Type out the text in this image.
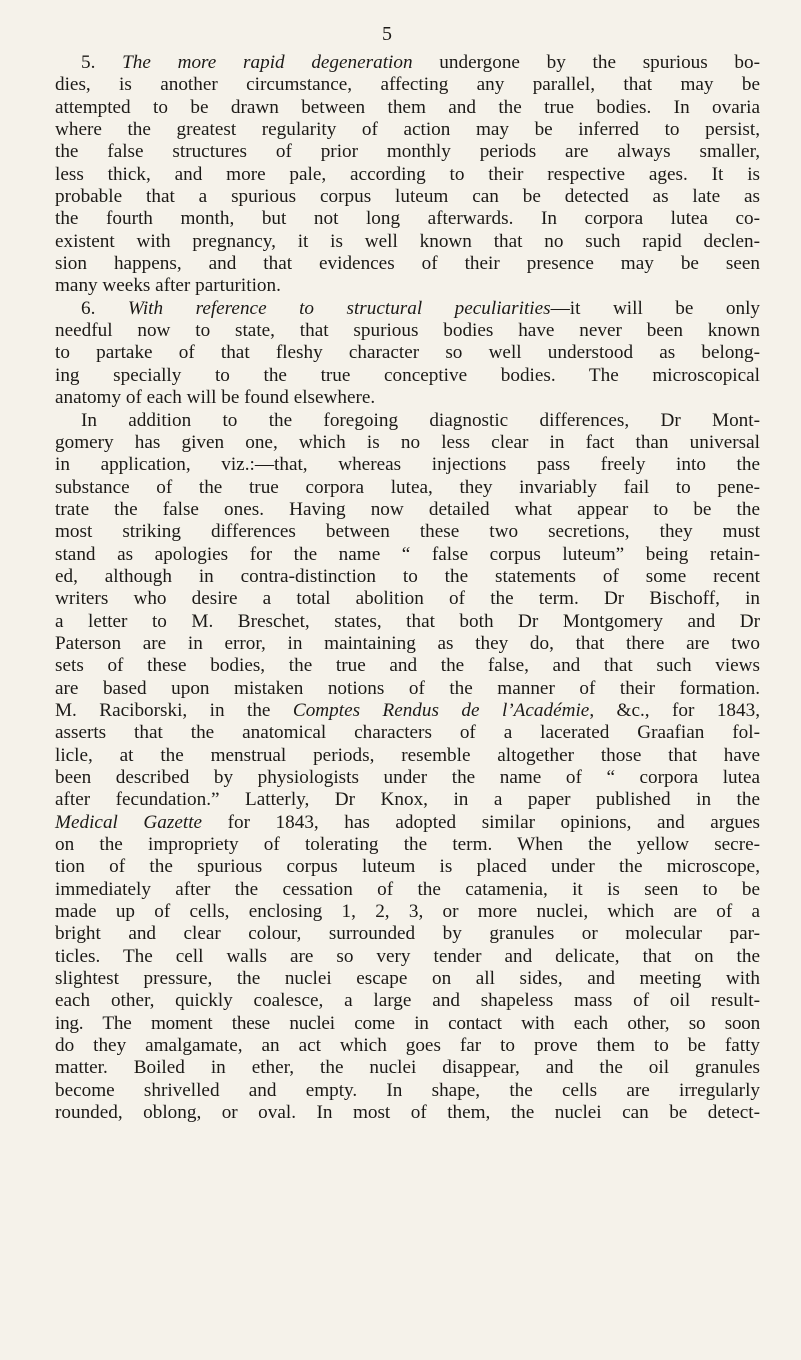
5
5. The more rapid degeneration undergone by the spurious bo-
dies, is another circumstance, affecting any parallel, that may be
attempted to be drawn between them and the true bodies. In ovaria
where the greatest regularity of action may be inferred to persist,
the false structures of prior monthly periods are always smaller,
less thick, and more pale, according to their respective ages. It is
probable that a spurious corpus luteum can be detected as late as
the fourth month, but not long afterwards. In corpora lutea co-
existent with pregnancy, it is well known that no such rapid declen-
sion happens, and that evidences of their presence may be seen
many weeks after parturition.
6. With reference to structural peculiarities—it will be only
needful now to state, that spurious bodies have never been known
to partake of that fleshy character so well understood as belong-
ing specially to the true conceptive bodies. The microscopical
anatomy of each will be found elsewhere.
In addition to the foregoing diagnostic differences, Dr Mont-
gomery has given one, which is no less clear in fact than universal
in application, viz.:—that, whereas injections pass freely into the
substance of the true corpora lutea, they invariably fail to pene-
trate the false ones. Having now detailed what appear to be the
most striking differences between these two secretions, they must
stand as apologies for the name “ false corpus luteum” being retain-
ed, although in contra-distinction to the statements of some recent
writers who desire a total abolition of the term. Dr Bischoff, in
a letter to M. Breschet, states, that both Dr Montgomery and Dr
Paterson are in error, in maintaining as they do, that there are two
sets of these bodies, the true and the false, and that such views
are based upon mistaken notions of the manner of their formation.
M. Raciborski, in the Comptes Rendus de l’Académie, &c., for 1843,
asserts that the anatomical characters of a lacerated Graafian fol-
licle, at the menstrual periods, resemble altogether those that have
been described by physiologists under the name of “ corpora lutea
after fecundation.” Latterly, Dr Knox, in a paper published in the
Medical Gazette for 1843, has adopted similar opinions, and argues
on the impropriety of tolerating the term. When the yellow secre-
tion of the spurious corpus luteum is placed under the microscope,
immediately after the cessation of the catamenia, it is seen to be
made up of cells, enclosing 1, 2, 3, or more nuclei, which are of a
bright and clear colour, surrounded by granules or molecular par-
ticles. The cell walls are so very tender and delicate, that on the
slightest pressure, the nuclei escape on all sides, and meeting with
each other, quickly coalesce, a large and shapeless mass of oil result-
ing. The moment these nuclei come in contact with each other, so soon
do they amalgamate, an act which goes far to prove them to be fatty
matter. Boiled in ether, the nuclei disappear, and the oil granules
become shrivelled and empty. In shape, the cells are irregularly
rounded, oblong, or oval. In most of them, the nuclei can be detect-
